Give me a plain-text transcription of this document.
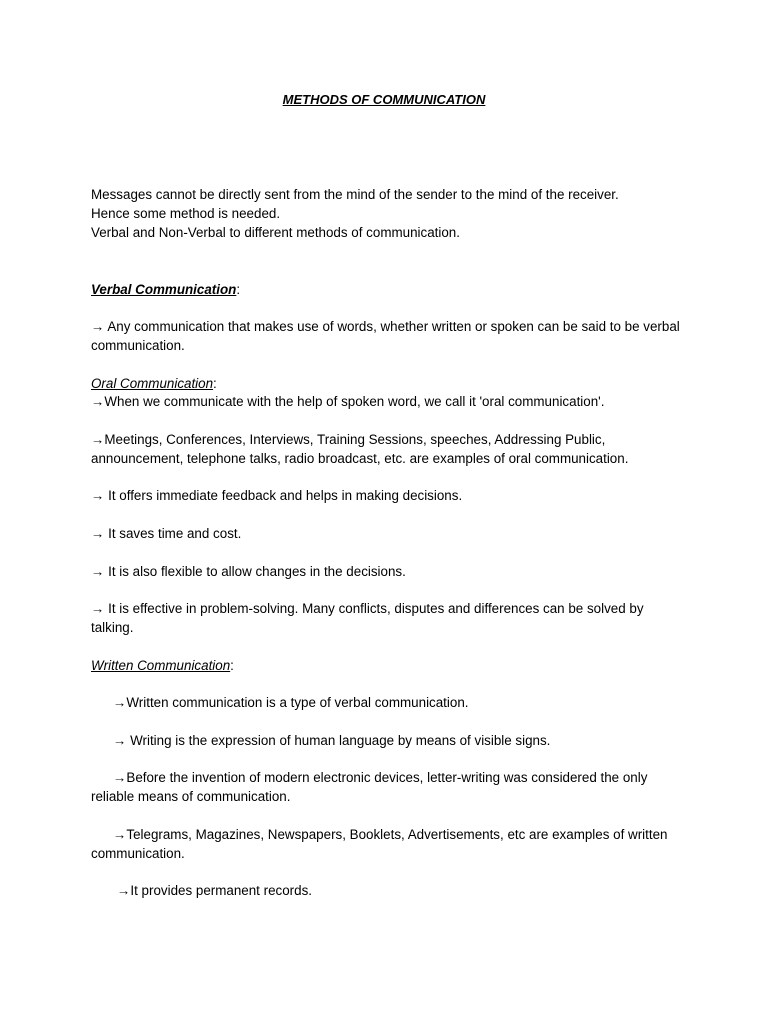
METHODS OF COMMUNICATION

Messages cannot be directly sent from the mind of the sender to the mind of the receiver.

Hence some method is needed.

Verbal and Non-Verbal to different methods of communication.

Verbal Communication:

→ Any communication that makes use of words, whether written or spoken can be said to be verbal communication.

Oral Communication:

→When we communicate with the help of spoken word, we call it 'oral communication'.

→Meetings, Conferences, Interviews, Training Sessions, speeches, Addressing Public, announcement, telephone talks, radio broadcast, etc. are examples of oral communication.

→ It offers immediate feedback and helps in making decisions.

→ It saves time and cost.

→ It is also flexible to allow changes in the decisions.

→ It is effective in problem-solving. Many conflicts, disputes and differences can be solved by talking.

Written Communication:

→Written communication is a type of verbal communication.

→ Writing is the expression of human language by means of visible signs.

→Before the invention of modern electronic devices, letter-writing was considered the only reliable means of communication.

→Telegrams, Magazines, Newspapers, Booklets, Advertisements, etc are examples of written communication.

→It provides permanent records.
